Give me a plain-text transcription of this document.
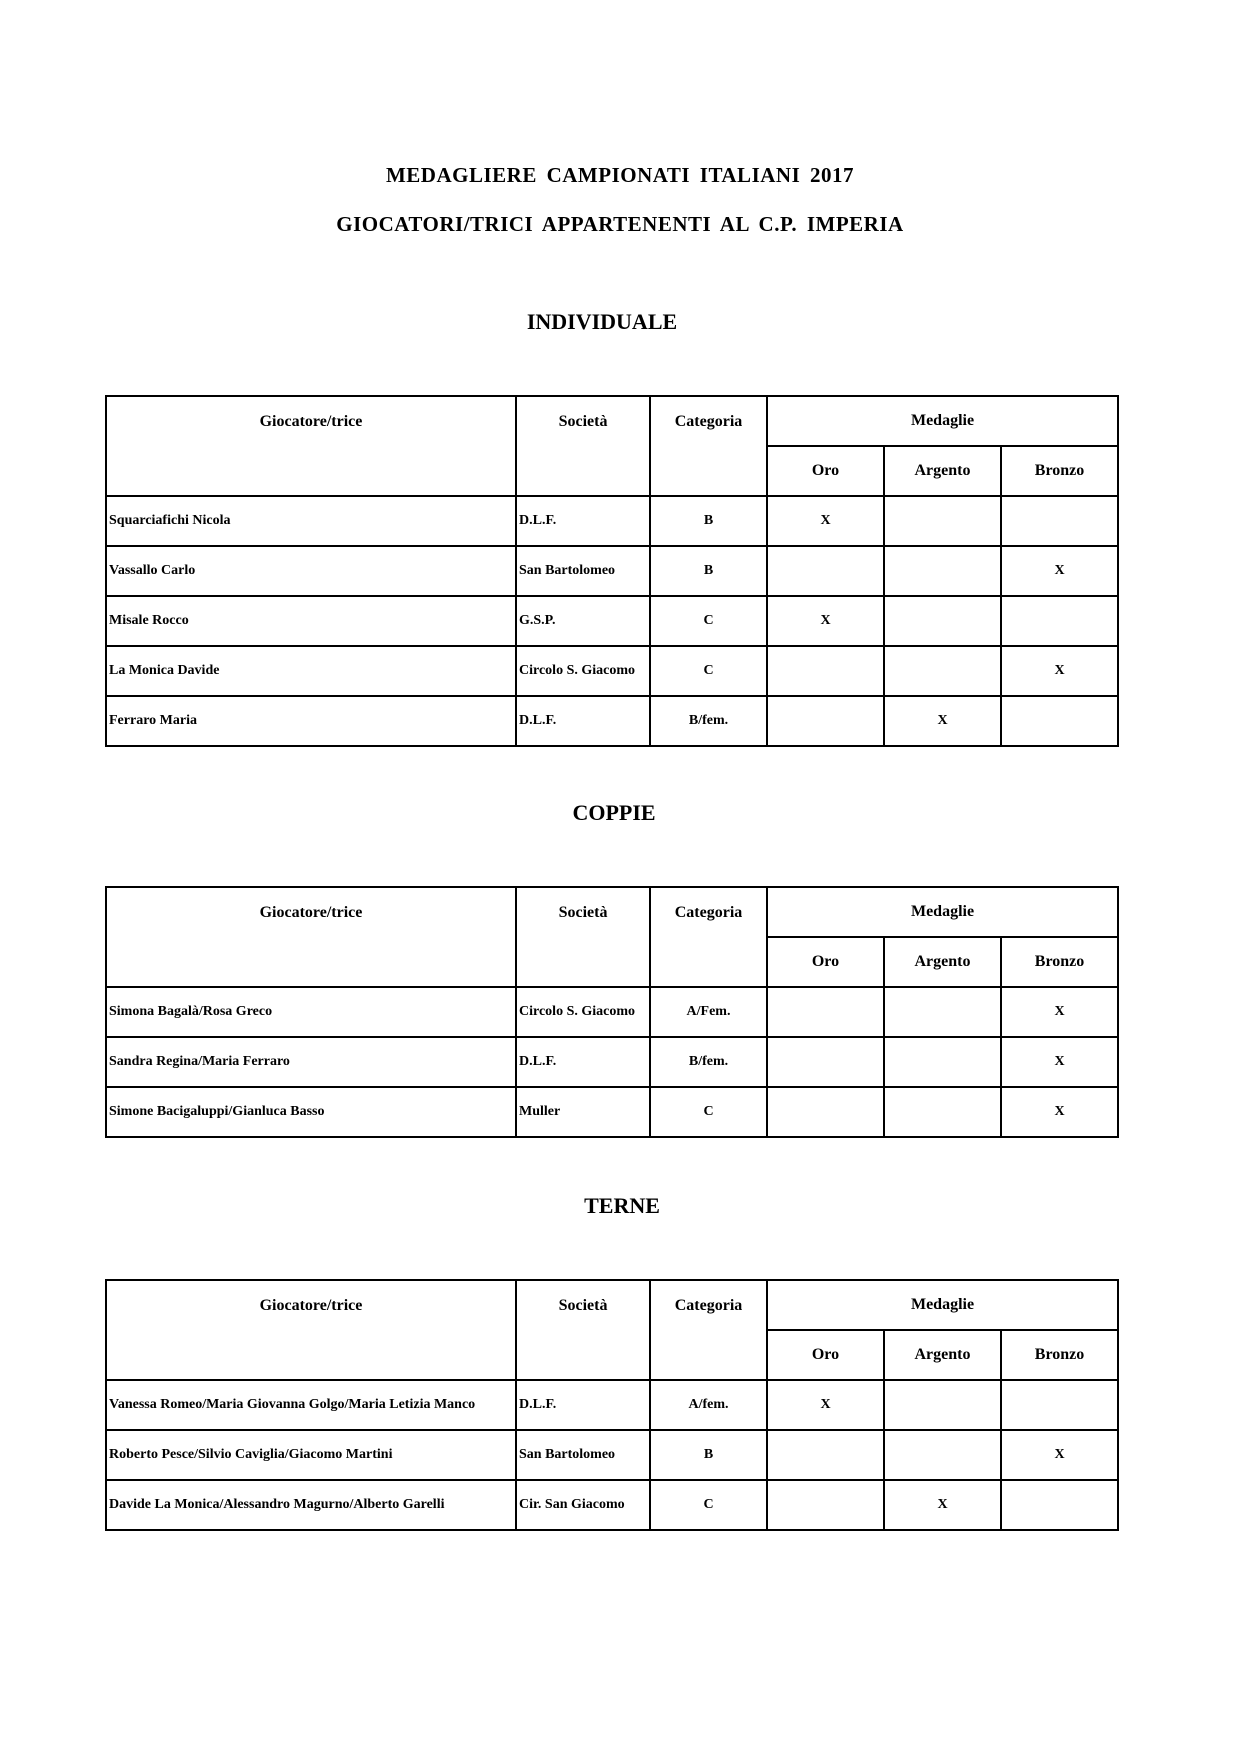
MEDAGLIERE CAMPIONATI ITALIANI 2017
GIOCATORI/TRICI APPARTENENTI AL C.P. IMPERIA
INDIVIDUALE
Giocatore/trice	Società	Categoria	Medaglie		
			Oro	Argento	Bronzo
Squarciafichi Nicola	D.L.F.	B	X		
Vassallo Carlo	San Bartolomeo	B			X
Misale Rocco	G.S.P.	C	X		
La Monica Davide	Circolo S. Giacomo	C			X
Ferraro Maria	D.L.F.	B/fem.		X	
COPPIE
Giocatore/trice	Società	Categoria	Medaglie		
			Oro	Argento	Bronzo
Simona Bagalà/Rosa Greco	Circolo S. Giacomo	A/Fem.			X
Sandra Regina/Maria Ferraro	D.L.F.	B/fem.			X
Simone Bacigaluppi/Gianluca Basso	Muller	C			X
TERNE
Giocatore/trice	Società	Categoria	Medaglie		
			Oro	Argento	Bronzo
Vanessa Romeo/Maria Giovanna Golgo/Maria Letizia Manco	D.L.F.	A/fem.	X		
Roberto Pesce/Silvio Caviglia/Giacomo Martini	San Bartolomeo	B			X
Davide La Monica/Alessandro Magurno/Alberto Garelli	Cir. San Giacomo	C		X	
